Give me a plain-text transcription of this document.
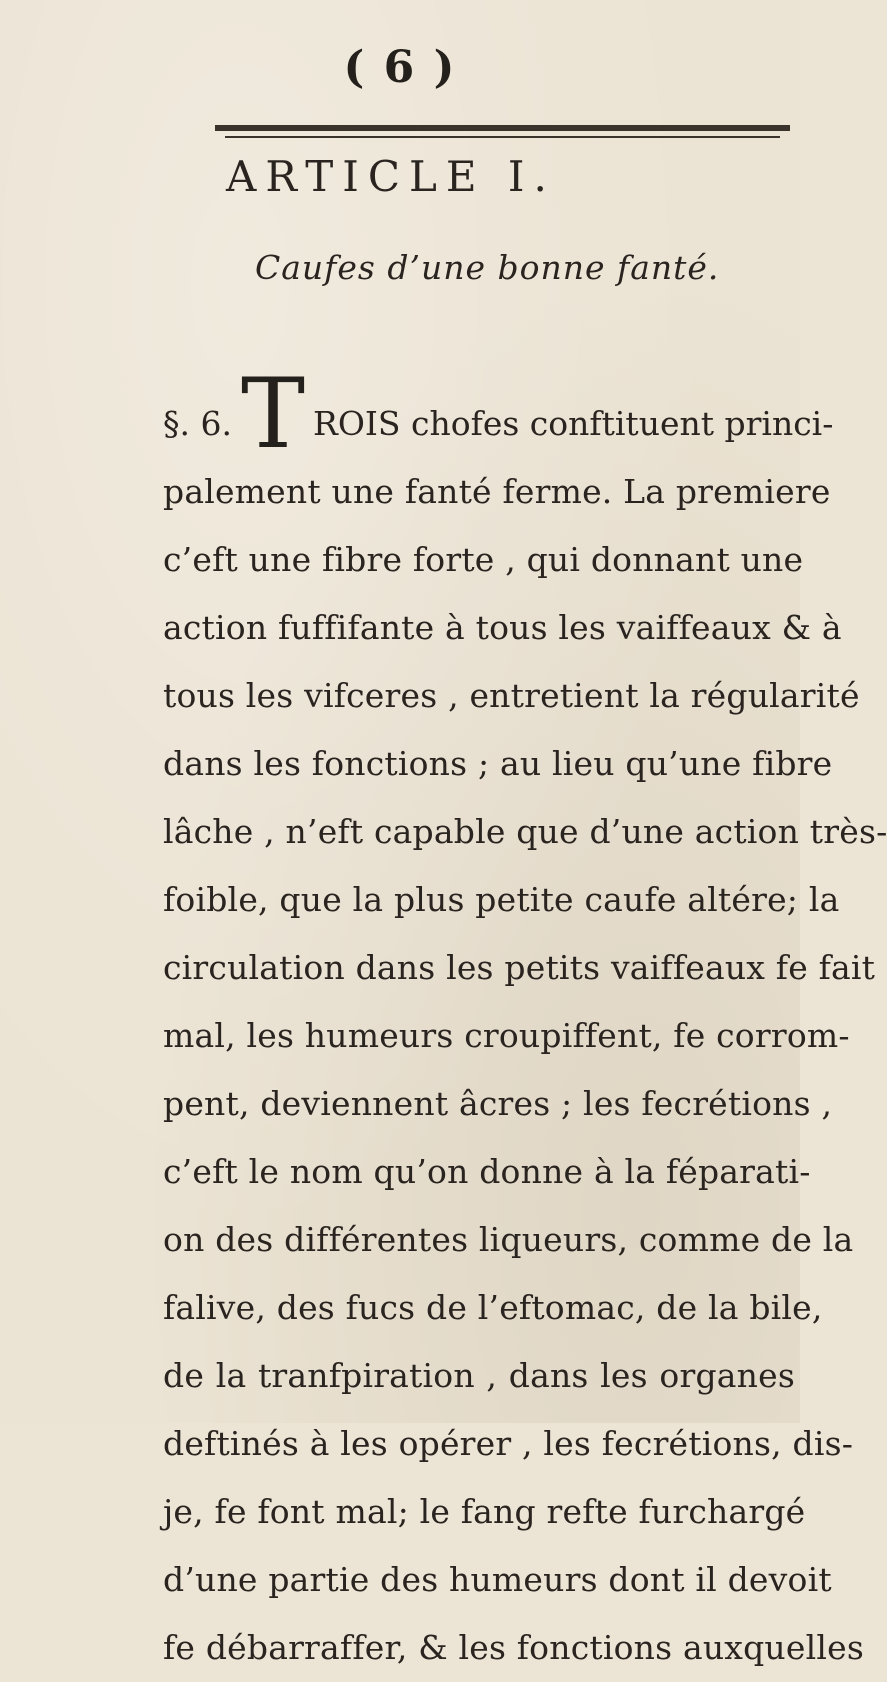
( 6 )
ARTICLE I.
Caufes d’une bonne fanté.
§. 6. T ROIS chofes conftituent princi-
palement une fanté ferme. La premiere
c’eft une fibre forte , qui donnant une
action fuffifante à tous les vaiffeaux & à
tous les vifceres , entretient la régularité
dans les fonctions ; au lieu qu’une fibre
lâche , n’eft capable que d’une action très-
foible, que la plus petite caufe altére; la
circulation dans les petits vaiffeaux fe fait
mal, les humeurs croupiffent, fe corrom-
pent, deviennent âcres ; les fecrétions ,
c’eft le nom qu’on donne à la féparati-
on des différentes liqueurs, comme de la
falive, des fucs de l’eftomac, de la bile,
de la tranfpiration , dans les organes
deftinés à les opérer , les fecrétions, dis-
je, fe font mal; le fang refte furchargé
d’une partie des humeurs dont il devoit
fe débarraffer, & les fonctions auxquelles
